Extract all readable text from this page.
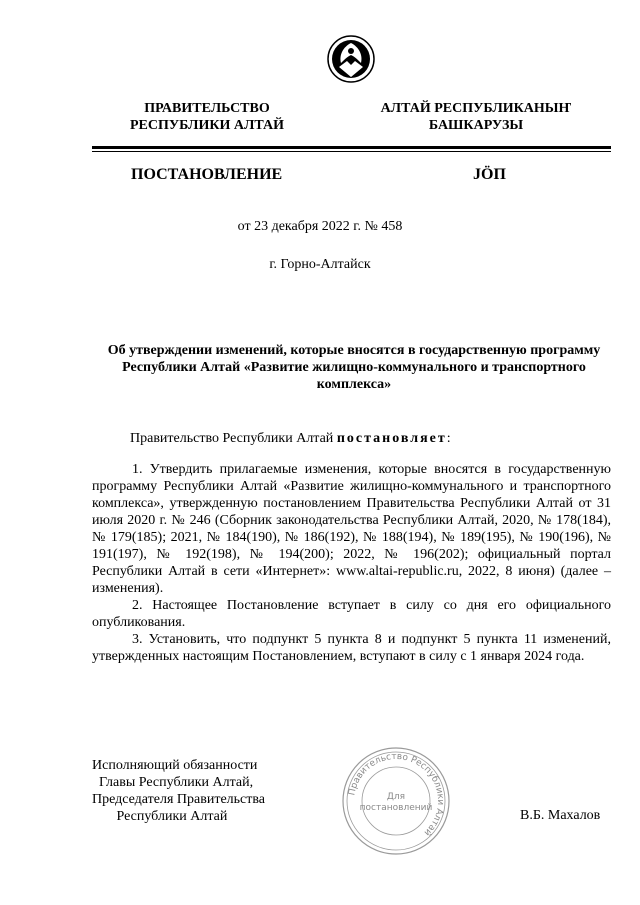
ПРАВИТЕЛЬСТВО
РЕСПУБЛИКИ АЛТАЙ
АЛТАЙ РЕСПУБЛИКАНЫҤ
БАШКАРУЗЫ
ПОСТАНОВЛЕНИЕ	JÖП
от 23 декабря 2022 г. № 458
г. Горно-Алтайск
Об утверждении изменений, которые вносятся в государственную программу Республики Алтай «Развитие жилищно-коммунального и транспортного комплекса»
Правительство Республики Алтай постановляет:

1. Утвердить прилагаемые изменения, которые вносятся в государственную программу Республики Алтай «Развитие жилищно-коммунального и транспортного комплекса», утвержденную постановлением Правительства Республики Алтай от 31 июля 2020 г. № 246 (Сборник законодательства Республики Алтай, 2020, № 178(184), № 179(185); 2021, № 184(190), № 186(192), № 188(194), № 189(195), № 190(196), № 191(197), № 192(198), № 194(200); 2022, № 196(202); официальный портал Республики Алтай в сети «Интернет»: www.altai-republic.ru, 2022, 8 июня) (далее – изменения).

2. Настоящее Постановление вступает в силу со дня его официального опубликования.

3. Установить, что подпункт 5 пункта 8 и подпункт 5 пункта 11 изменений, утвержденных настоящим Постановлением, вступают в силу с 1 января 2024 года.

Исполняющий обязанности
Главы Республики Алтай,
Председателя Правительства
Республики Алтай
Правительство Республики Алтай
Для
постановлений	В.Б. Махалов
